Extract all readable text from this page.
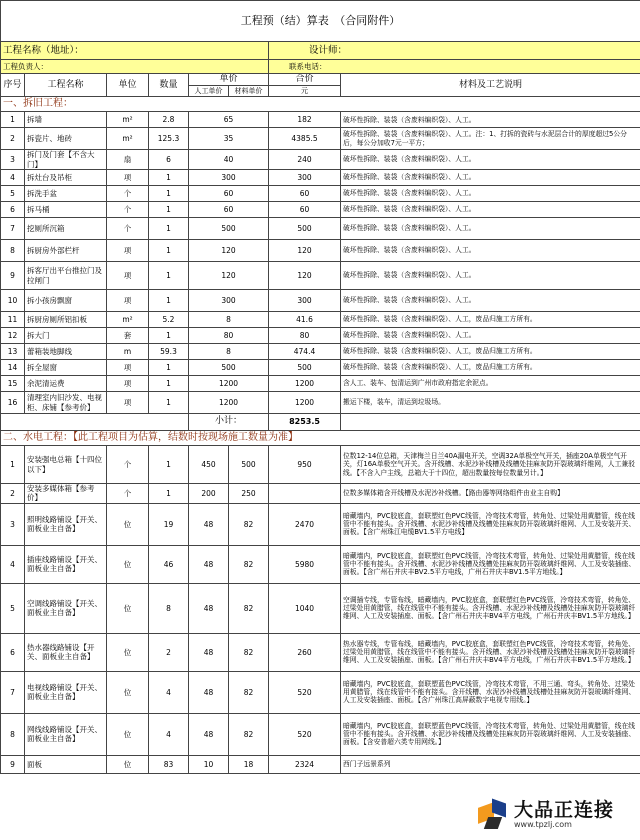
工程预（结）算表　（合同附件）							
工程名称（地址）：						设计师：	
工程负责人：						联系电话：	
序号	工程名称	单位	数量	单价		合价	材料及工艺说明
				人工单价	材料单价	元	
一、拆旧工程：							
1	拆墙	m²	2.8	65		182	破坏性拆除、装袋（含废料编织袋）、人工。
2	拆瓷片、地砖	m²	125.3	35		4385.5	破坏性拆除、装袋（含废料编织袋）、人工。注：1、打拆的瓷砖与水泥层合计的厚度超过5公分后，每公分加收7元一平方；
3	拆门及门套【不含大门】	扇	6	40		240	破坏性拆除、装袋（含废料编织袋）、人工。
4	拆灶台及吊柜	项	1	300		300	破坏性拆除、装袋（含废料编织袋）、人工。
5	拆洗手盆	个	1	60		60	破坏性拆除、装袋（含废料编织袋）、人工。
6	拆马桶	个	1	60		60	破坏性拆除、装袋（含废料编织袋）、人工。
7	挖厕所沉箱	个	1	500		500	破坏性拆除、装袋（含废料编织袋）、人工。
8	拆厨房外部栏杆	项	1	120		120	破坏性拆除、装袋（含废料编织袋）、人工。
9	拆客厅出平台推拉门及拉闸门	项	1	120		120	破坏性拆除、装袋（含废料编织袋）、人工。
10	拆小孩房飘窗	项	1	300		300	破坏性拆除、装袋（含废料编织袋）、人工。
11	拆厨房厕所铝扣板	m²	5.2	8		41.6	破坏性拆除、装袋（含废料编织袋）、人工，废品归施工方所有。
12	拆大门	套	1	80		80	破坏性拆除、装袋（含废料编织袋）、人工。
13	蕾箱装地脚线	m	59.3	8		474.4	破坏性拆除、装袋（含废料编织袋）、人工，废品归施工方所有。
14	拆全屋窗	项	1	500		500	破坏性拆除、装袋（含废料编织袋）、人工，废品归施工方所有。
15	余泥清运费	项	1	1200		1200	含人工、装车、包清运到广州市政府指定余泥点。
16	清理室内旧沙发、电视柜、床铺【参考价】	项	1	1200		1200	搬运下楼，装车，清运到垃圾场。
				小计：		8253.5	
二、水电工程：【此工程项目为估算，结数时按现场施工数量为准】							
1	安装强电总箱【十四位以下】	个	1	450	500	950	位数12-14位总箱，天津梅兰日兰40A漏电开关，空调32A单极空气开关，插座20A单极空气开关，灯16A单极空气开关。含开线槽、水泥沙补线槽及线槽处挂麻灰防开裂玻璃纤维网，人工兼驳线。【不含入户主线，总箱大于十四位，超出数量按每位数量另计。】
2	安装多媒体箱【参考价】	个	1	200	250		位数多媒体箱含开线槽及水泥沙补线槽。【路由器等网络组件由业主自购】
3	照明线路铺设【开关、面板业主自备】	位	19	48	82	2470	暗藏墙内，PVC胶底盒，套联塑红色PVC线管，冷弯技术弯管，转角处、过梁处用黄腊管，线在线管中不能有接头。含开线槽、水泥沙补线槽及线槽处挂麻灰防开裂玻璃纤维网、人工及安装开关、面板。【含广州珠江电缆BV1.5平方电线】
4	插座线路铺设【开关、面板业主自备】	位	46	48	82	5980	暗藏墙内，PVC胶底盒，套联塑红色PVC线管，冷弯技术弯管，转角处、过梁处用黄腊管，线在线管中不能有接头。含开线槽、水泥沙补线槽及线槽处挂麻灰防开裂玻璃纤维网、人工及安装插座、面板。【含广州石井庆丰BV2.5平方电线，广州石井庆丰BV1.5平方地线。】
5	空调线路铺设【开关、面板业主自备】	位	8	48	82	1040	空调插专线，专管布线，暗藏墙内，PVC胶底盒，套联塑红色PVC线管，冷弯技术弯管，转角处、过梁处用黄腊管，线在线管中不能有接头。含开线槽、水泥沙补线槽及线槽处挂麻灰防开裂玻璃纤维网、人工及安装插座、面板。【含广州石井庆丰BV4平方电线，广州石井庆丰BV1.5平方地线。】
6	热水器线路铺设【开关、面板业主自备】	位	2	48	82	260	热水器专线，专管布线，暗藏墙内，PVC胶底盒，套联塑红色PVC线管，冷弯技术弯管，转角处、过梁处用黄腊管，线在线管中不能有接头。含开线槽、水泥沙补线槽及线槽处挂麻灰防开裂玻璃纤维网、人工及安装插座、面板。【含广州石井庆丰BV4平方电线，广州石井庆丰BV1.5平方地线。】
7	电视线路铺设【开关、面板业主自备】	位	4	48	82	520	暗藏墙内，PVC胶底盒，套联塑蓝色PVC线管，冷弯技术弯管，不用三通、弯头，转角处、过梁处用黄腊管，线在线管中不能有接头。含开线槽、水泥沙补线槽及线槽处挂麻灰防开裂玻璃纤维网、人工及安装插座、面板。【含广州珠江高屏蔽数字电视专用线。】
8	网线线路铺设【开关、面板业主自备】	位	4	48	82	520	暗藏墙内，PVC胶底盒，套联塑蓝色PVC线管，冷弯技术弯管，转角处、过梁处用黄腊管，线在线管中不能有接头。含开线槽、水泥沙补线槽及线槽处挂麻灰防开裂玻璃纤维网、人工及安装插座、面板。【含安普超六类专用网线。】
9	面板	位	83	10	18	2324	西门子远景系列
大品正连接
www.tpzlj.com
